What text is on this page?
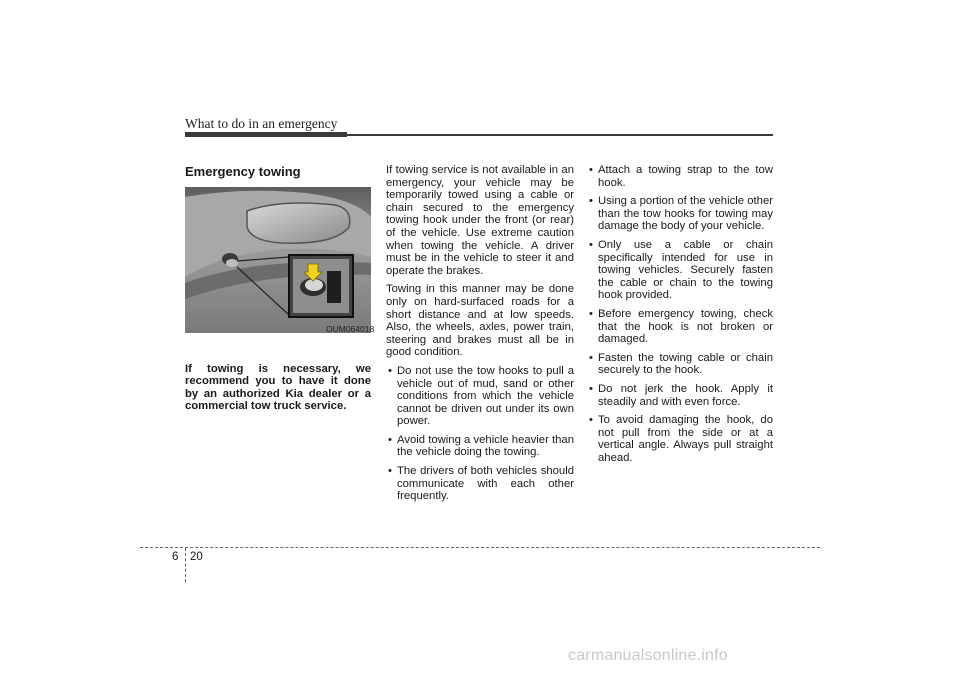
What to do in an emergency
Emergency towing
OUM064018

If towing is necessary, we recommend you to have it done by an authorized Kia dealer or a commercial tow truck service.

If towing service is not available in an emergency, your vehicle may be temporarily towed using a cable or chain secured to the emergency towing hook under the front (or rear) of the vehicle. Use extreme caution when towing the vehicle. A driver must be in the vehicle to steer it and operate the brakes.

Towing in this manner may be done only on hard-surfaced roads for a short distance and at low speeds. Also, the wheels, axles, power train, steering and brakes must all be in good condition.

• Do not use the tow hooks to pull a vehicle out of mud, sand or other conditions from which the vehicle cannot be driven out under its own power.
• Avoid towing a vehicle heavier than the vehicle doing the towing.
• The drivers of both vehicles should communicate with each other frequently.
• Attach a towing strap to the tow hook.
• Using a portion of the vehicle other than the tow hooks for towing may damage the body of your vehicle.
• Only use a cable or chain specifically intended for use in towing vehicles. Securely fasten the cable or chain to the towing hook provided.
• Before emergency towing, check that the hook is not broken or damaged.
• Fasten the towing cable or chain securely to the hook.
• Do not jerk the hook. Apply it steadily and with even force.
• To avoid damaging the hook, do not pull from the side or at a vertical angle. Always pull straight ahead.
6 20
carmanualsonline.info
